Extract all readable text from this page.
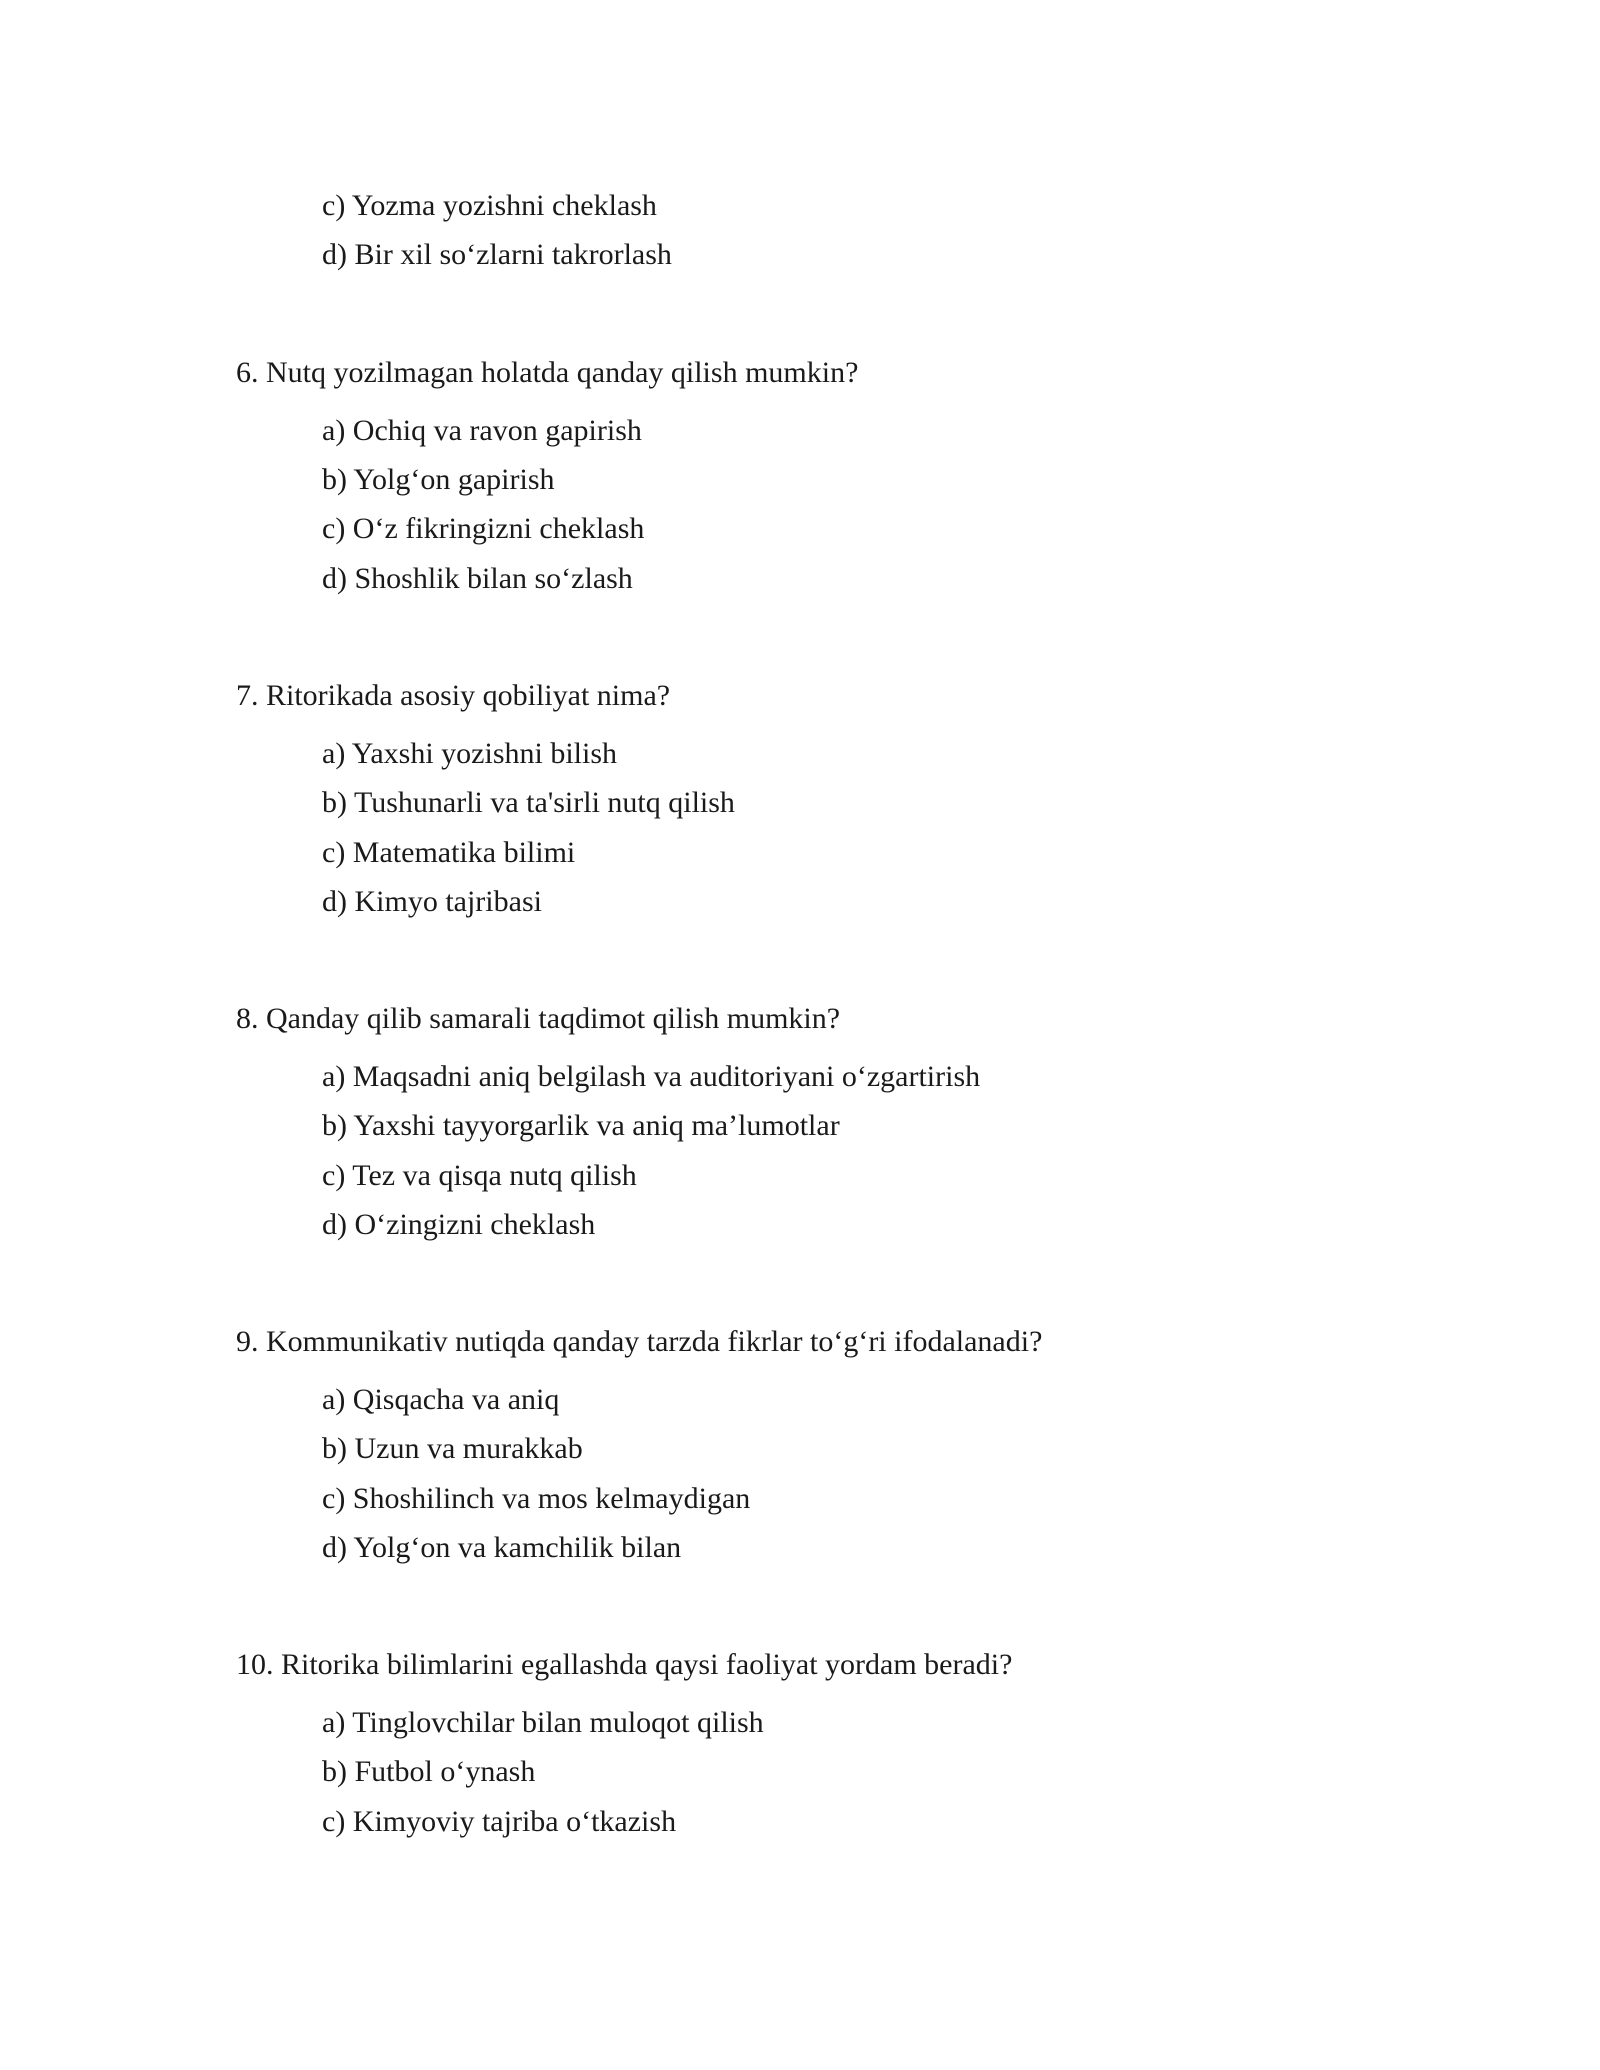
c) Yozma yozishni cheklash
d) Bir xil so‘zlarni takrorlash
6. Nutq yozilmagan holatda qanday qilish mumkin?
a) Ochiq va ravon gapirish
b) Yolg‘on gapirish
c) O‘z fikringizni cheklash
d) Shoshlik bilan so‘zlash
7. Ritorikada asosiy qobiliyat nima?
a) Yaxshi yozishni bilish
b) Tushunarli va ta'sirli nutq qilish
c) Matematika bilimi
d) Kimyo tajribasi
8. Qanday qilib samarali taqdimot qilish mumkin?
a) Maqsadni aniq belgilash va auditoriyani o‘zgartirish
b) Yaxshi tayyorgarlik va aniq ma’lumotlar
c) Tez va qisqa nutq qilish
d) O‘zingizni cheklash
9. Kommunikativ nutiqda qanday tarzda fikrlar to‘g‘ri ifodalanadi?
a) Qisqacha va aniq
b) Uzun va murakkab
c) Shoshilinch va mos kelmaydigan
d) Yolg‘on va kamchilik bilan
10. Ritorika bilimlarini egallashda qaysi faoliyat yordam beradi?
a) Tinglovchilar bilan muloqot qilish
b) Futbol o‘ynash
c) Kimyoviy tajriba o‘tkazish
